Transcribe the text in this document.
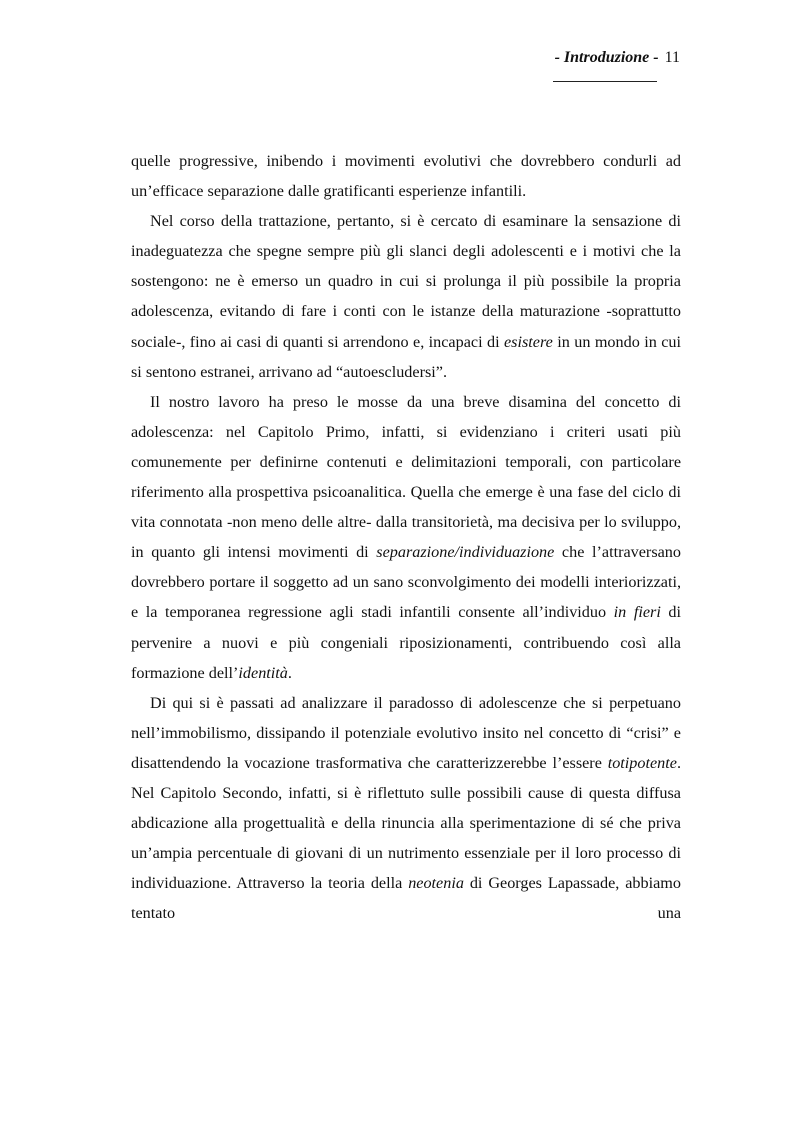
- Introduzione - 11

quelle progressive, inibendo i movimenti evolutivi che dovrebbero condurli ad un’efficace separazione dalle gratificanti esperienze infantili.

Nel corso della trattazione, pertanto, si è cercato di esaminare la sensazione di inadeguatezza che spegne sempre più gli slanci degli adolescenti e i motivi che la sostengono: ne è emerso un quadro in cui si prolunga il più possibile la propria adolescenza, evitando di fare i conti con le istanze della maturazione -soprattutto sociale-, fino ai casi di quanti si arrendono e, incapaci di esistere in un mondo in cui si sentono estranei, arrivano ad “autoescludersi”.

Il nostro lavoro ha preso le mosse da una breve disamina del concetto di adolescenza: nel Capitolo Primo, infatti, si evidenziano i criteri usati più comunemente per definirne contenuti e delimitazioni temporali, con particolare riferimento alla prospettiva psicoanalitica. Quella che emerge è una fase del ciclo di vita connotata -non meno delle altre- dalla transitorietà, ma decisiva per lo sviluppo, in quanto gli intensi movimenti di separazione/individuazione che l’attraversano dovrebbero portare il soggetto ad un sano sconvolgimento dei modelli interiorizzati, e la temporanea regressione agli stadi infantili consente all’individuo in fieri di pervenire a nuovi e più congeniali riposizionamenti, contribuendo così alla formazione dell’identità.

Di qui si è passati ad analizzare il paradosso di adolescenze che si perpetuano nell’immobilismo, dissipando il potenziale evolutivo insito nel concetto di “crisi” e disattendendo la vocazione trasformativa che caratterizzerebbe l’essere totipotente. Nel Capitolo Secondo, infatti, si è riflettuto sulle possibili cause di questa diffusa abdicazione alla progettualità e della rinuncia alla sperimentazione di sé che priva un’ampia percentuale di giovani di un nutrimento essenziale per il loro processo di individuazione. Attraverso la teoria della neotenia di Georges Lapassade, abbiamo tentato una
